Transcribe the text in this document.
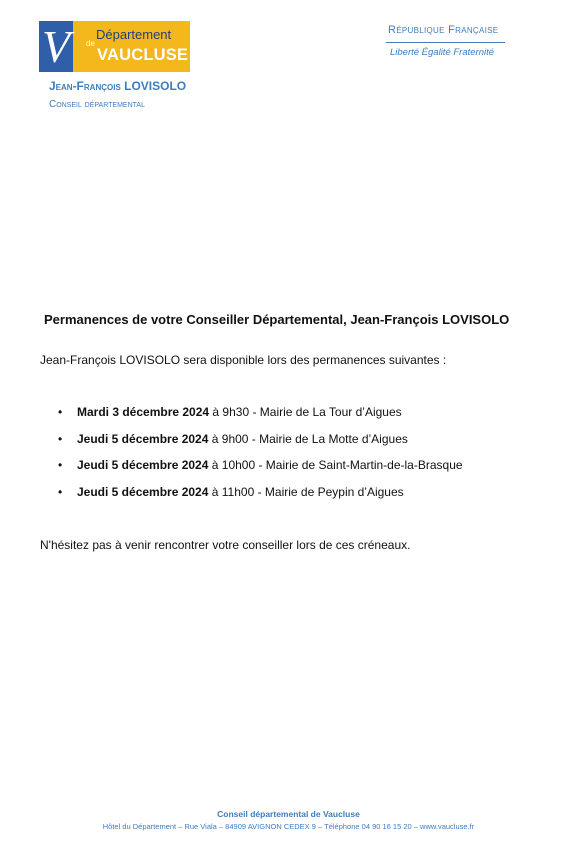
V Département
de
VAUCLUSE
Jean-François LOVISOLO
Conseil départemental
République Française
Liberté Égalité Fraternité
Permanences de votre Conseiller Départemental, Jean-François LOVISOLO
Jean-François LOVISOLO sera disponible lors des permanences suivantes :
• Mardi 3 décembre 2024 à 9h30 - Mairie de La Tour d’Aigues
• Jeudi 5 décembre 2024 à 9h00 - Mairie de La Motte d’Aigues
• Jeudi 5 décembre 2024 à 10h00 - Mairie de Saint-Martin-de-la-Brasque
• Jeudi 5 décembre 2024 à 11h00 - Mairie de Peypin d’Aigues
N'hésitez pas à venir rencontrer votre conseiller lors de ces créneaux.
Conseil départemental de Vaucluse
Hôtel du Département – Rue Viala – 84909 AVIGNON CEDEX 9 – Téléphone 04 90 16 15 20 – www.vaucluse.fr
